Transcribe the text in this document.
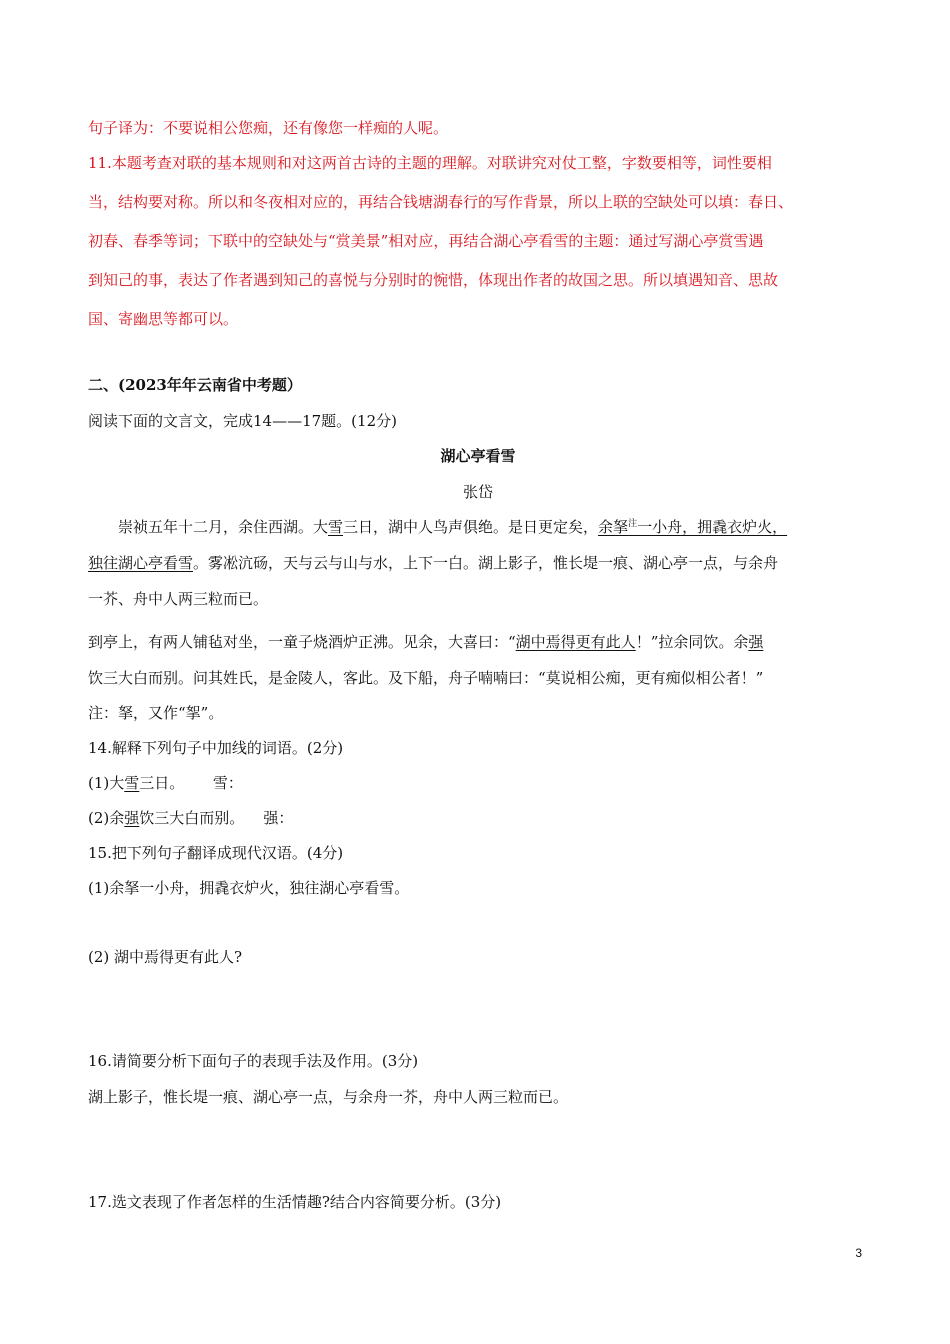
句子译为：不要说相公您痴，还有像您一样痴的人呢。
11.本题考查对联的基本规则和对这两首古诗的主题的理解。对联讲究对仗工整，字数要相等，词性要相
当，结构要对称。所以和冬夜相对应的，再结合钱塘湖春行的写作背景，所以上联的空缺处可以填：春日、
初春、春季等词；下联中的空缺处与“赏美景”相对应，再结合湖心亭看雪的主题：通过写湖心亭赏雪遇
到知己的事，表达了作者遇到知己的喜悦与分别时的惋惜，体现出作者的故国之思。所以填遇知音、思故
国、寄幽思等都可以。
二、(2023年年云南省中考题）
阅读下面的文言文，完成14——17题。(12分)
湖心亭看雪
张岱
崇祯五年十二月，余住西湖。大雪三日，湖中人鸟声俱绝。是日更定矣，余拏$^注$一小舟，拥毳衣炉火，
独往湖心亭看雪。雾凇沆砀，天与云与山与水，上下一白。湖上影子，惟长堤一痕、湖心亭一点，与余舟
一芥、舟中人两三粒而已。
到亭上，有两人铺毡对坐，一童子烧酒炉正沸。见余，大喜曰：“湖中焉得更有此人！”拉余同饮。余强
饮三大白而别。问其姓氏，是金陵人，客此。及下船，舟子喃喃曰：“莫说相公痴，更有痴似相公者！”
注：拏，又作“挐”。
14.解释下列句子中加线的词语。(2分)
(1)大雪三日。      雪：
(2)余强饮三大白而别。    强：
15.把下列句子翻译成现代汉语。(4分)
(1)余拏一小舟，拥毳衣炉火，独往湖心亭看雪。
(2) 湖中焉得更有此人?
16.请简要分析下面句子的表现手法及作用。(3分)
湖上影子，惟长堤一痕、湖心亭一点，与余舟一芥，舟中人两三粒而已。
17.选文表现了作者怎样的生活情趣?结合内容简要分析。(3分)
3
